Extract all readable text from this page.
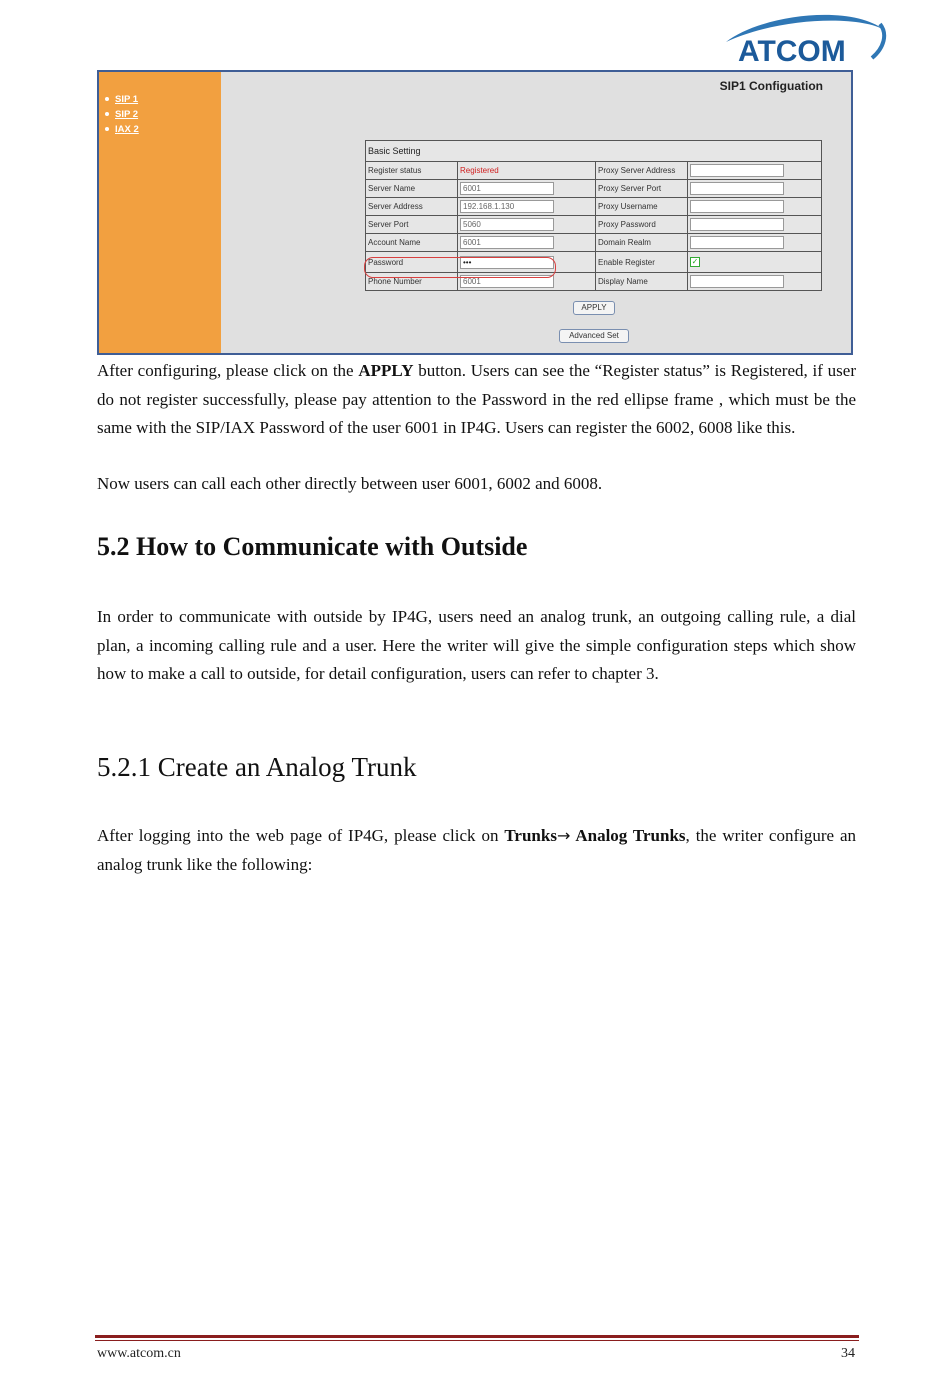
ATCOM
SIP 1
SIP 2
IAX 2
SIP1 Configuation
Basic Setting			
Register status	Registered	Proxy Server Address	
Server Name	6001	Proxy Server Port	
Server Address	192.168.1.130	Proxy Username	
Server Port	5060	Proxy Password	
Account Name	6001	Domain Realm	
Password	•••	Enable Register	✓
Phone Number	6001	Display Name	
APPLY
Advanced Set

After configuring, please click on the APPLY button. Users can see the “Register status” is Registered, if user do not register successfully, please pay attention to the Password in the red ellipse frame , which must be the same with the SIP/IAX Password of the user 6001 in IP4G. Users can register the 6002, 6008 like this.

Now users can call each other directly between user 6001, 6002 and 6008.

5.2 How to Communicate with Outside

In order to communicate with outside by IP4G, users need an analog trunk, an outgoing calling rule, a dial plan, a incoming calling rule and a user. Here the writer will give the simple configuration steps which show how to make a call to outside, for detail configuration, users can refer to chapter 3.

5.2.1 Create an Analog Trunk

After logging into the web page of IP4G, please click on Trunks→ Analog Trunks, the writer configure an analog trunk like the following:

www.atcom.cn	34
